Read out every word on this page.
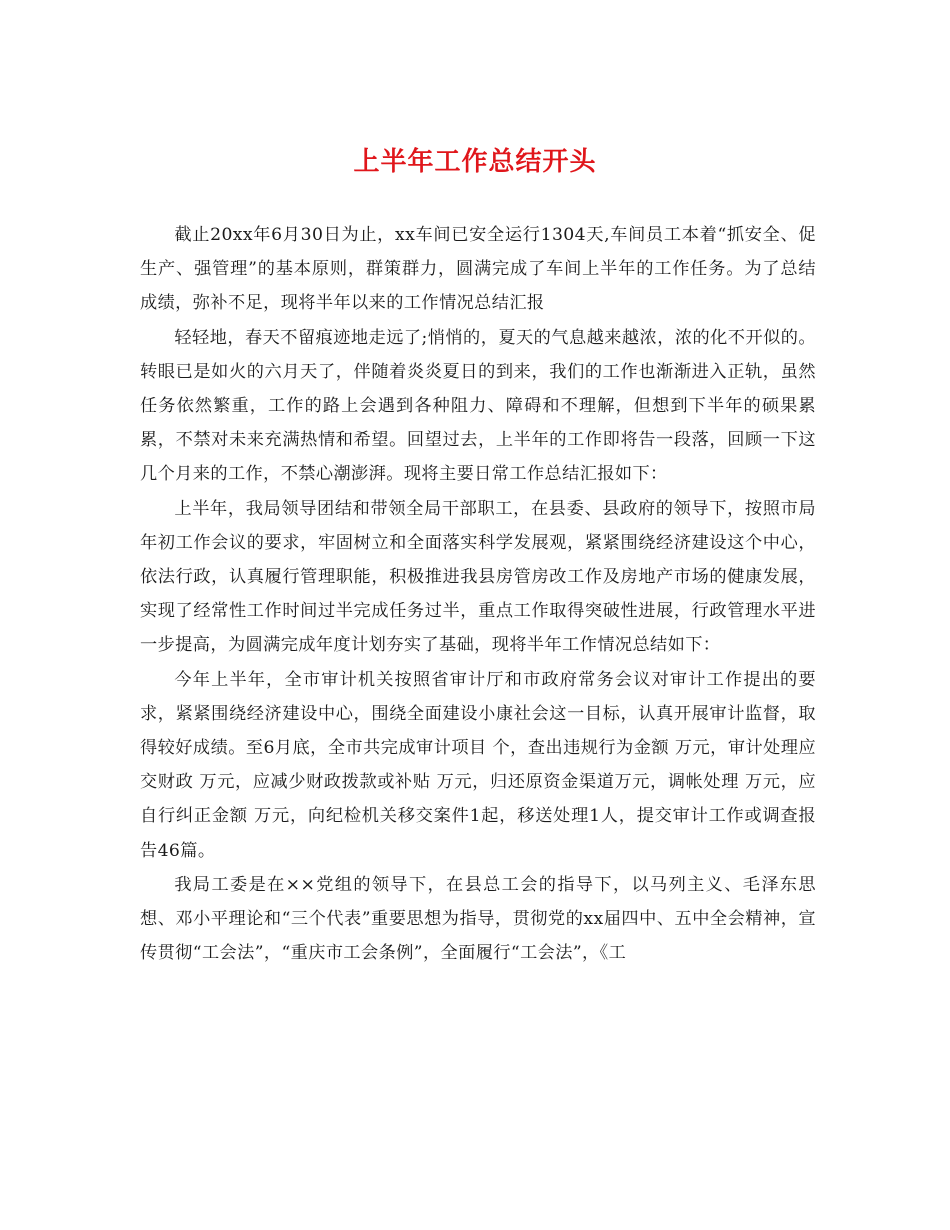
上半年工作总结开头

截止20xx年6月30日为止，xx车间已安全运行1304天,车间员工本着“抓安全、促生产、强管理”的基本原则，群策群力，圆满完成了车间上半年的工作任务。为了总结成绩，弥补不足，现将半年以来的工作情况总结汇报

轻轻地，春天不留痕迹地走远了;悄悄的，夏天的气息越来越浓，浓的化不开似的。转眼已是如火的六月天了，伴随着炎炎夏日的到来，我们的工作也渐渐进入正轨，虽然任务依然繁重，工作的路上会遇到各种阻力、障碍和不理解，但想到下半年的硕果累累，不禁对未来充满热情和希望。回望过去，上半年的工作即将告一段落，回顾一下这几个月来的工作，不禁心潮澎湃。现将主要日常工作总结汇报如下：

上半年，我局领导团结和带领全局干部职工，在县委、县政府的领导下，按照市局年初工作会议的要求，牢固树立和全面落实科学发展观，紧紧围绕经济建设这个中心，依法行政，认真履行管理职能，积极推进我县房管房改工作及房地产市场的健康发展，实现了经常性工作时间过半完成任务过半，重点工作取得突破性进展，行政管理水平进一步提高，为圆满完成年度计划夯实了基础，现将半年工作情况总结如下：

今年上半年，全市审计机关按照省审计厅和市政府常务会议对审计工作提出的要求，紧紧围绕经济建设中心，围绕全面建设小康社会这一目标，认真开展审计监督，取得较好成绩。至6月底，全市共完成审计项目 个，查出违规行为金额 万元，审计处理应交财政 万元，应减少财政拨款或补贴 万元，归还原资金渠道万元，调帐处理 万元，应自行纠正金额 万元，向纪检机关移交案件1起，移送处理1人，提交审计工作或调查报告46篇。

我局工委是在××党组的领导下，在县总工会的指导下，以马列主义、毛泽东思想、邓小平理论和“三个代表”重要思想为指导，贯彻党的xx届四中、五中全会精神，宣传贯彻“工会法”，“重庆市工会条例”，全面履行“工会法”，《工
